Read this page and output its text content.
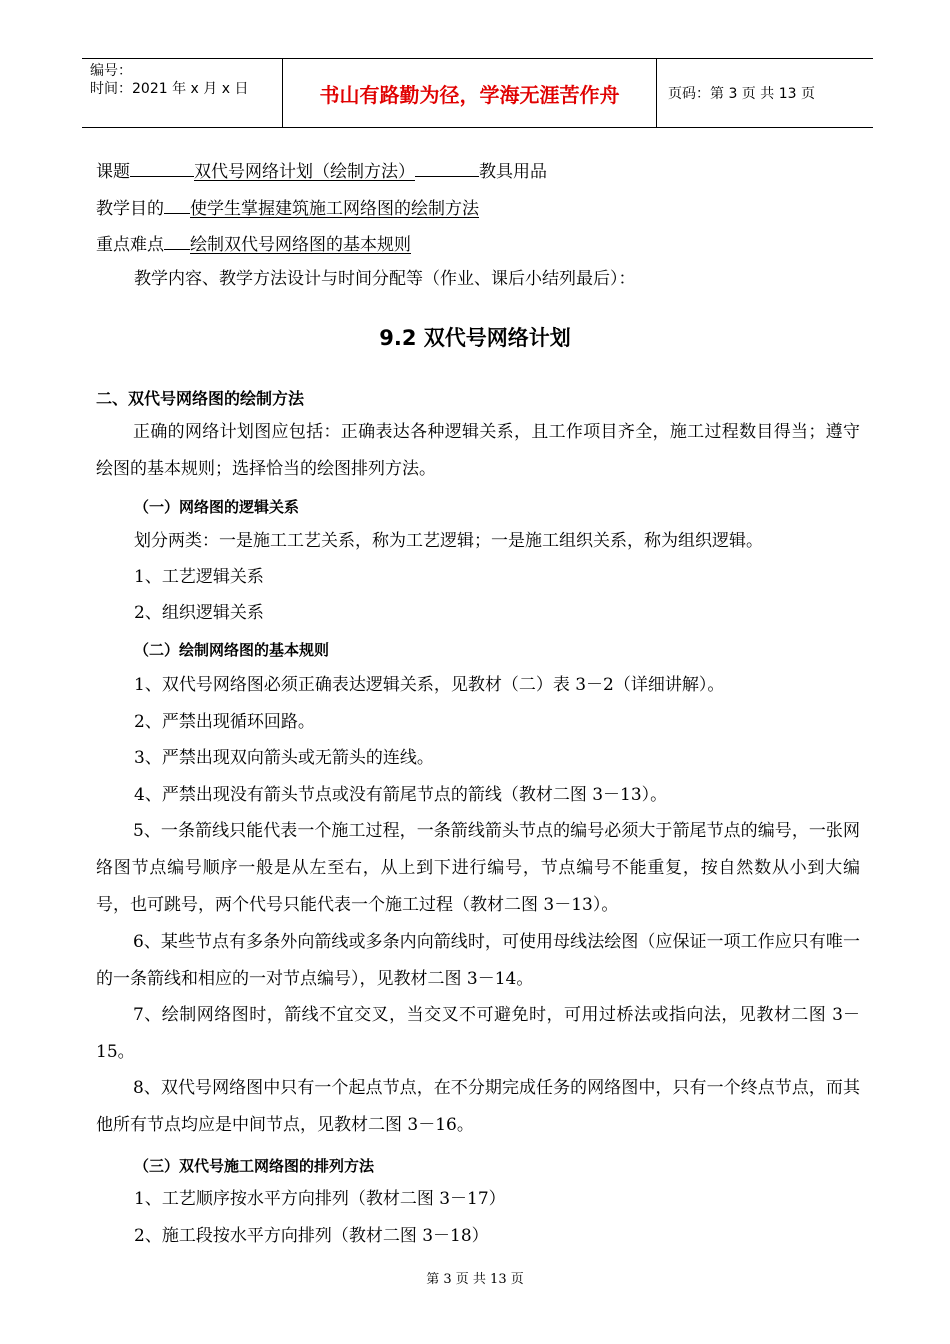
编号：
时间：2021 年 x 月 x 日	书山有路勤为径，学海无涯苦作舟	页码：第 3 页 共 13 页
课题	双代号网络计划（绘制方法）	教具用品
教学目的 使学生掌握建筑施工网络图的绘制方法
重点难点 绘制双代号网络图的基本规则
教学内容、教学方法设计与时间分配等（作业、课后小结列最后）：
9.2 双代号网络计划
二、双代号网络图的绘制方法
正确的网络计划图应包括：正确表达各种逻辑关系，且工作项目齐全，施工过程数目得当；遵守绘图的基本规则；选择恰当的绘图排列方法。
（一）网络图的逻辑关系
划分两类：一是施工工艺关系，称为工艺逻辑；一是施工组织关系，称为组织逻辑。
1、工艺逻辑关系
2、组织逻辑关系
（二）绘制网络图的基本规则
1、双代号网络图必须正确表达逻辑关系，见教材（二）表 3－2（详细讲解）。
2、严禁出现循环回路。
3、严禁出现双向箭头或无箭头的连线。
4、严禁出现没有箭头节点或没有箭尾节点的箭线（教材二图 3－13）。
5、一条箭线只能代表一个施工过程，一条箭线箭头节点的编号必须大于箭尾节点的编号，一张网络图节点编号顺序一般是从左至右，从上到下进行编号，节点编号不能重复，按自然数从小到大编号，也可跳号，两个代号只能代表一个施工过程（教材二图 3－13）。
6、某些节点有多条外向箭线或多条内向箭线时，可使用母线法绘图（应保证一项工作应只有唯一的一条箭线和相应的一对节点编号），见教材二图 3－14。
7、绘制网络图时，箭线不宜交叉，当交叉不可避免时，可用过桥法或指向法，见教材二图 3－15。
8、双代号网络图中只有一个起点节点，在不分期完成任务的网络图中，只有一个终点节点，而其他所有节点均应是中间节点，见教材二图 3－16。
（三）双代号施工网络图的排列方法
1、工艺顺序按水平方向排列（教材二图 3－17）
2、施工段按水平方向排列（教材二图 3－18）
第 3 页 共 13 页
